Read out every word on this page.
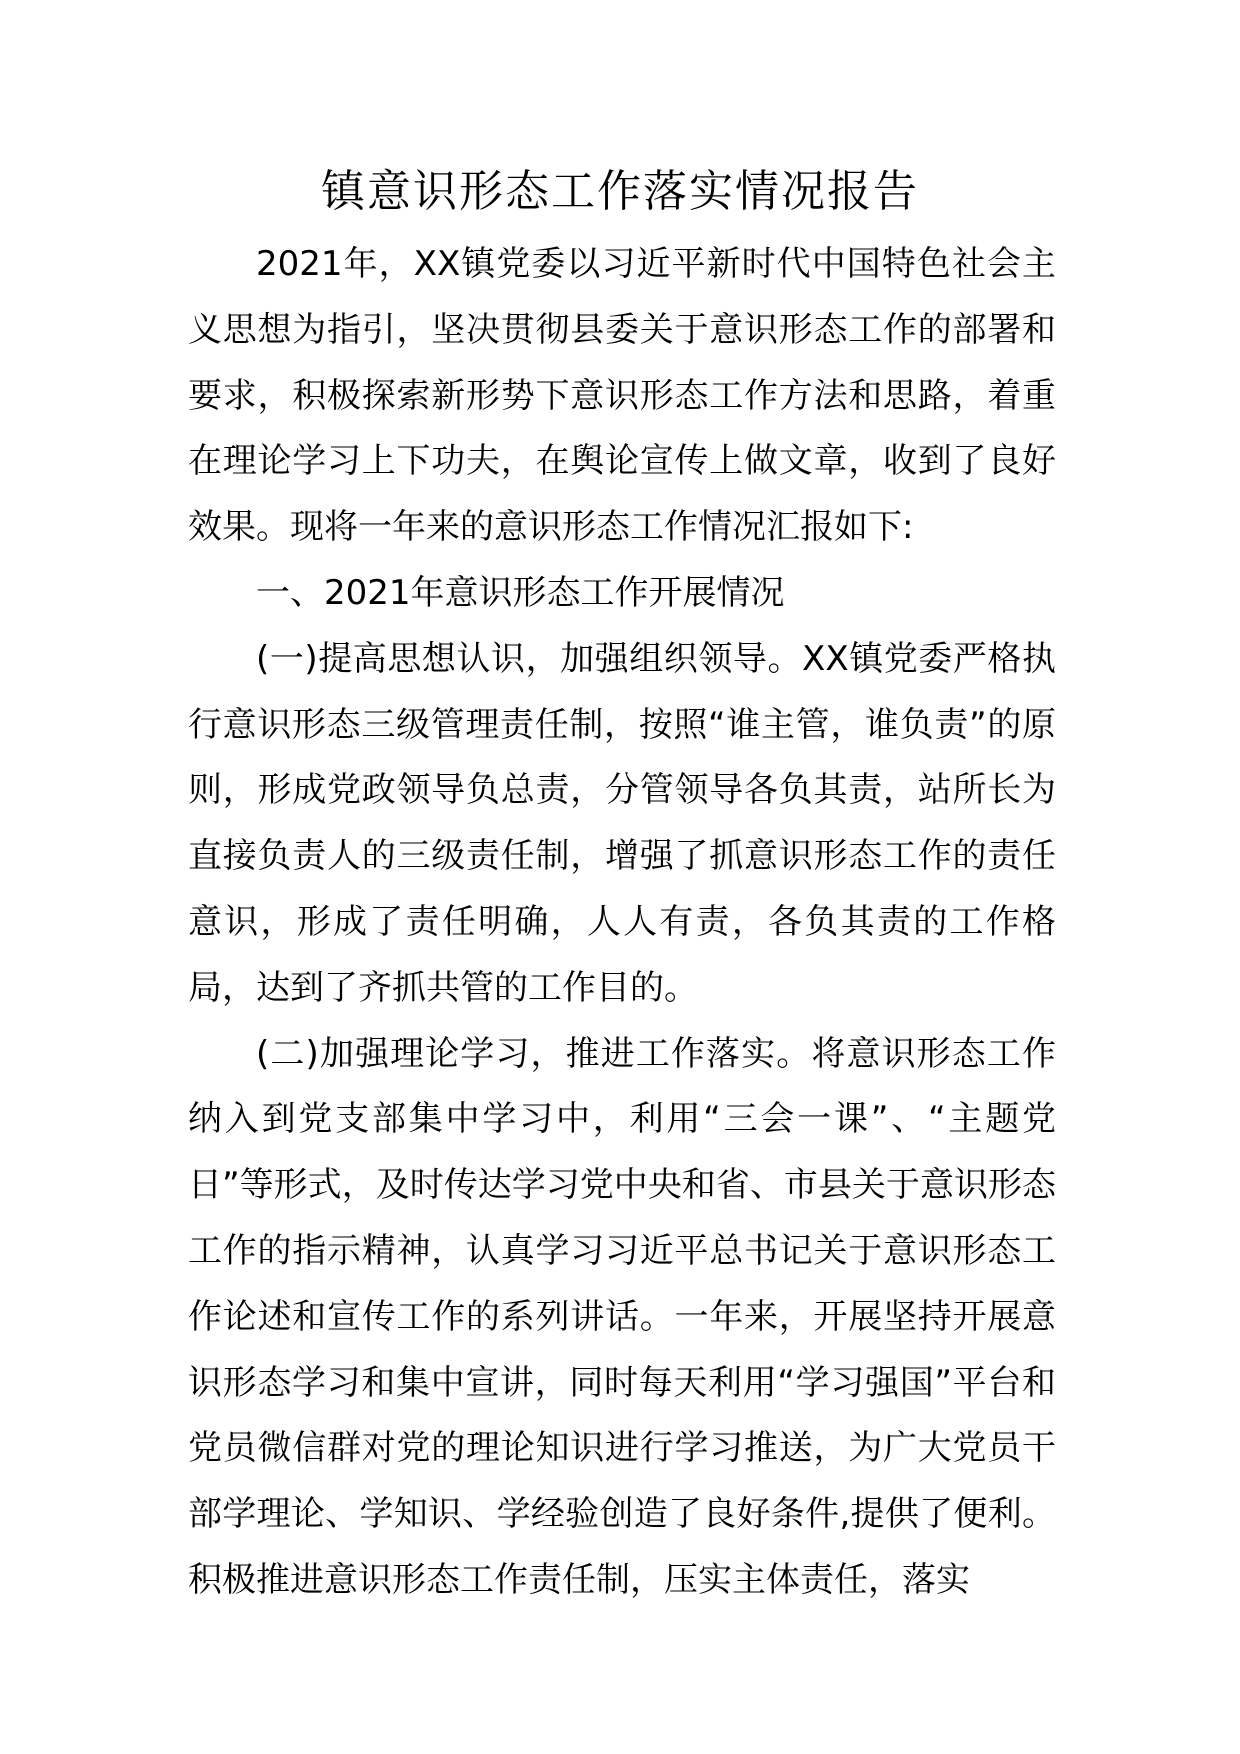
镇意识形态工作落实情况报告

2021年，XX镇党委以习近平新时代中国特色社会主义思想为指引，坚决贯彻县委关于意识形态工作的部署和要求，积极探索新形势下意识形态工作方法和思路，着重在理论学习上下功夫，在舆论宣传上做文章，收到了良好效果。现将一年来的意识形态工作情况汇报如下:

一、2021年意识形态工作开展情况

(一)提高思想认识，加强组织领导。XX镇党委严格执行意识形态三级管理责任制，按照“谁主管，谁负责”的原则，形成党政领导负总责，分管领导各负其责，站所长为直接负责人的三级责任制，增强了抓意识形态工作的责任意识，形成了责任明确，人人有责，各负其责的工作格局，达到了齐抓共管的工作目的。

(二)加强理论学习，推进工作落实。将意识形态工作纳入到党支部集中学习中，利用“三会一课”、“主题党日”等形式，及时传达学习党中央和省、市县关于意识形态工作的指示精神，认真学习习近平总书记关于意识形态工作论述和宣传工作的系列讲话。一年来，开展坚持开展意识形态学习和集中宣讲，同时每天利用“学习强国”平台和党员微信群对党的理论知识进行学习推送，为广大党员干部学理论、学知识、学经验创造了良好条件,提供了便利。积极推进意识形态工作责任制，压实主体责任，落实
